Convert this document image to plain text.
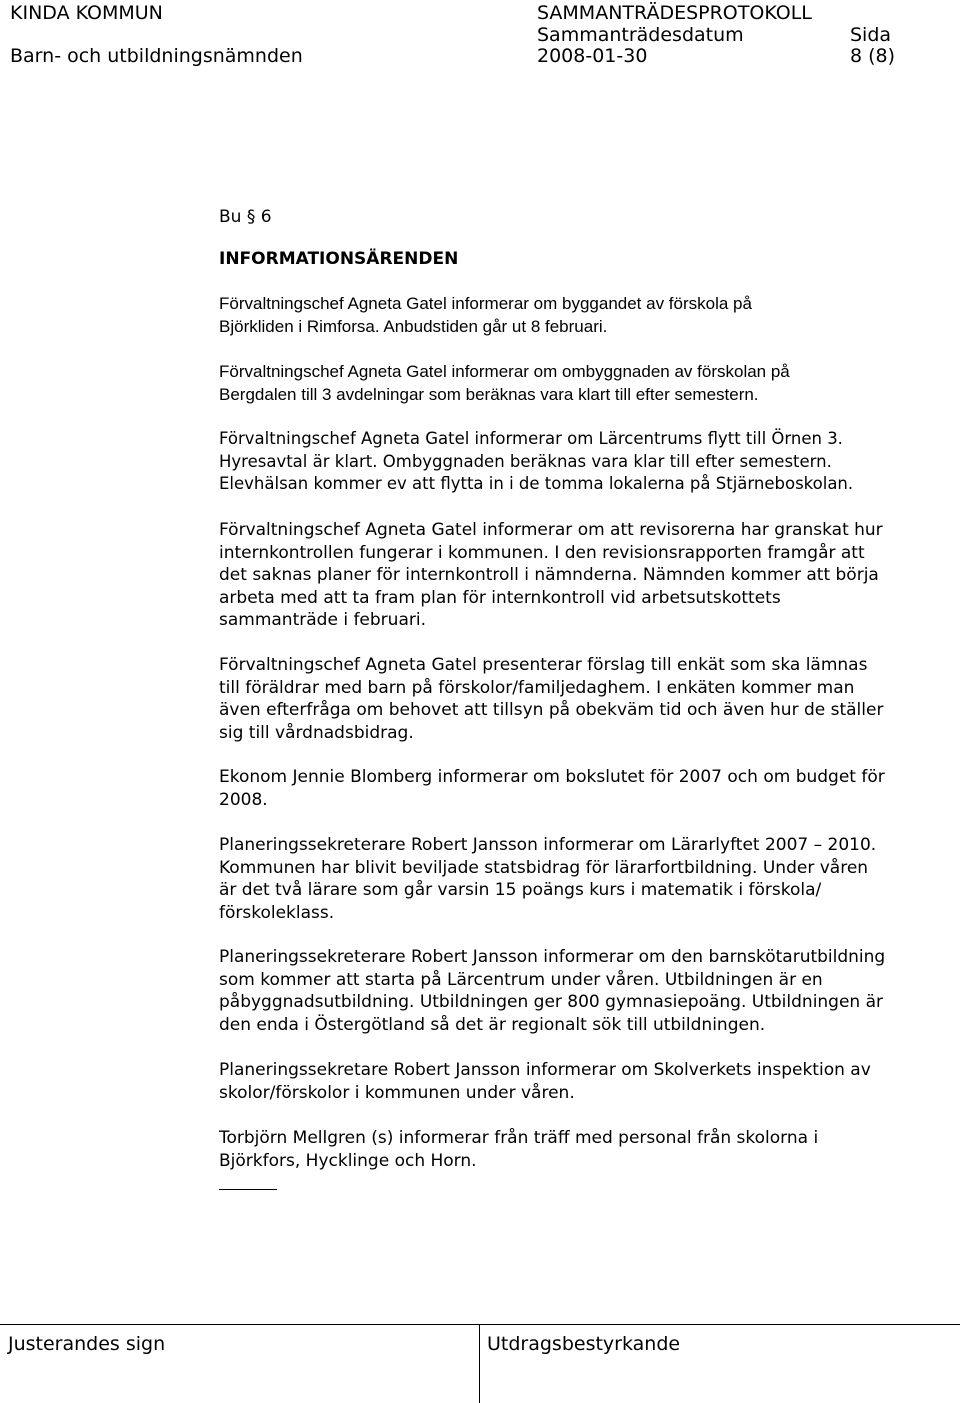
KINDA KOMMUN
Barn- och utbildningsnämnden
SAMMANTRÄDESPROTOKOLL
Sammanträdesdatum
2008-01-30
Sida
8 (8)
Bu § 6
INFORMATIONSÄRENDEN
Förvaltningschef Agneta Gatel informerar om byggandet av förskola på
Björkliden i Rimforsa. Anbudstiden går ut 8 februari.
Förvaltningschef Agneta Gatel informerar om ombyggnaden av förskolan på
Bergdalen till 3 avdelningar som beräknas vara klart till efter semestern.
Förvaltningschef Agneta Gatel informerar om Lärcentrums flytt till Örnen 3.
Hyresavtal är klart. Ombyggnaden beräknas vara klar till efter semestern.
Elevhälsan kommer ev att flytta in i de tomma lokalerna på Stjärneboskolan.
Förvaltningschef Agneta Gatel informerar om att revisorerna har granskat hur
internkontrollen fungerar i kommunen. I den revisionsrapporten framgår att
det saknas planer för internkontroll i nämnderna. Nämnden kommer att börja
arbeta med att ta fram plan för internkontroll vid arbetsutskottets
sammanträde i februari.
Förvaltningschef Agneta Gatel presenterar förslag till enkät som ska lämnas
till föräldrar med barn på förskolor/familjedaghem. I enkäten kommer man
även efterfråga om behovet att tillsyn på obekväm tid och även hur de ställer
sig till vårdnadsbidrag.
Ekonom Jennie Blomberg informerar om bokslutet för 2007 och om budget för
2008.
Planeringssekreterare Robert Jansson informerar om Lärarlyftet 2007 – 2010.
Kommunen har blivit beviljade statsbidrag för lärarfortbildning. Under våren
är det två lärare som går varsin 15 poängs kurs i matematik i förskola/
förskoleklass.
Planeringssekreterare Robert Jansson informerar om den barnskötarutbildning
som kommer att starta på Lärcentrum under våren. Utbildningen är en
påbyggnadsutbildning. Utbildningen ger 800 gymnasiepoäng. Utbildningen är
den enda i Östergötland så det är regionalt sök till utbildningen.
Planeringssekretare Robert Jansson informerar om Skolverkets inspektion av
skolor/förskolor i kommunen under våren.
Torbjörn Mellgren (s) informerar från träff med personal från skolorna i
Björkfors, Hycklinge och Horn.
Justerandes sign	Utdragsbestyrkande
